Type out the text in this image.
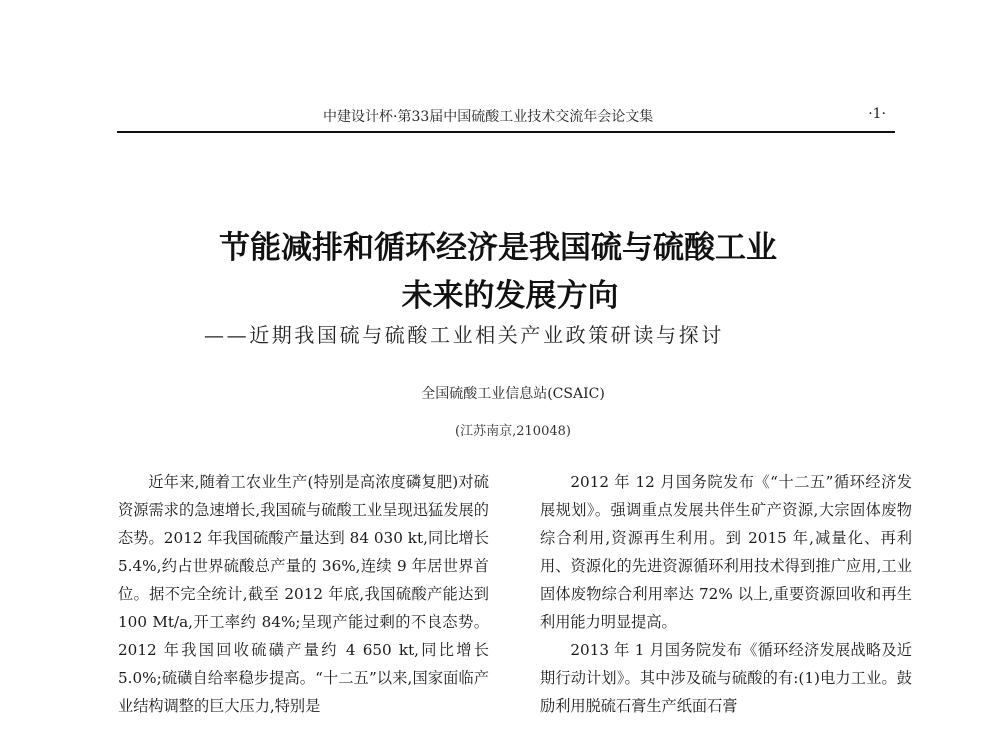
中建设计杯·第33届中国硫酸工业技术交流年会论文集	·1·
节能减排和循环经济是我国硫与硫酸工业
未来的发展方向
——近期我国硫与硫酸工业相关产业政策研读与探讨
全国硫酸工业信息站(CSAIC)
(江苏南京,210048)

近年来,随着工农业生产(特别是高浓度磷复肥)对硫资源需求的急速增长,我国硫与硫酸工业呈现迅猛发展的态势。2012 年我国硫酸产量达到 84 030 kt,同比增长 5.4%,约占世界硫酸总产量的 36%,连续 9 年居世界首位。据不完全统计,截至 2012 年底,我国硫酸产能达到 100 Mt/a,开工率约 84%;呈现产能过剩的不良态势。2012 年我国回收硫磺产量约 4 650 kt,同比增长 5.0%;硫磺自给率稳步提高。“十二五”以来,国家面临产业结构调整的巨大压力,特别是

2012 年 12 月国务院发布《“十二五”循环经济发展规划》。强调重点发展共伴生矿产资源,大宗固体废物综合利用,资源再生利用。到 2015 年,减量化、再利用、资源化的先进资源循环利用技术得到推广应用,工业固体废物综合利用率达 72% 以上,重要资源回收和再生利用能力明显提高。

2013 年 1 月国务院发布《循环经济发展战略及近期行动计划》。其中涉及硫与硫酸的有:(1)电力工业。鼓励利用脱硫石膏生产纸面石膏
